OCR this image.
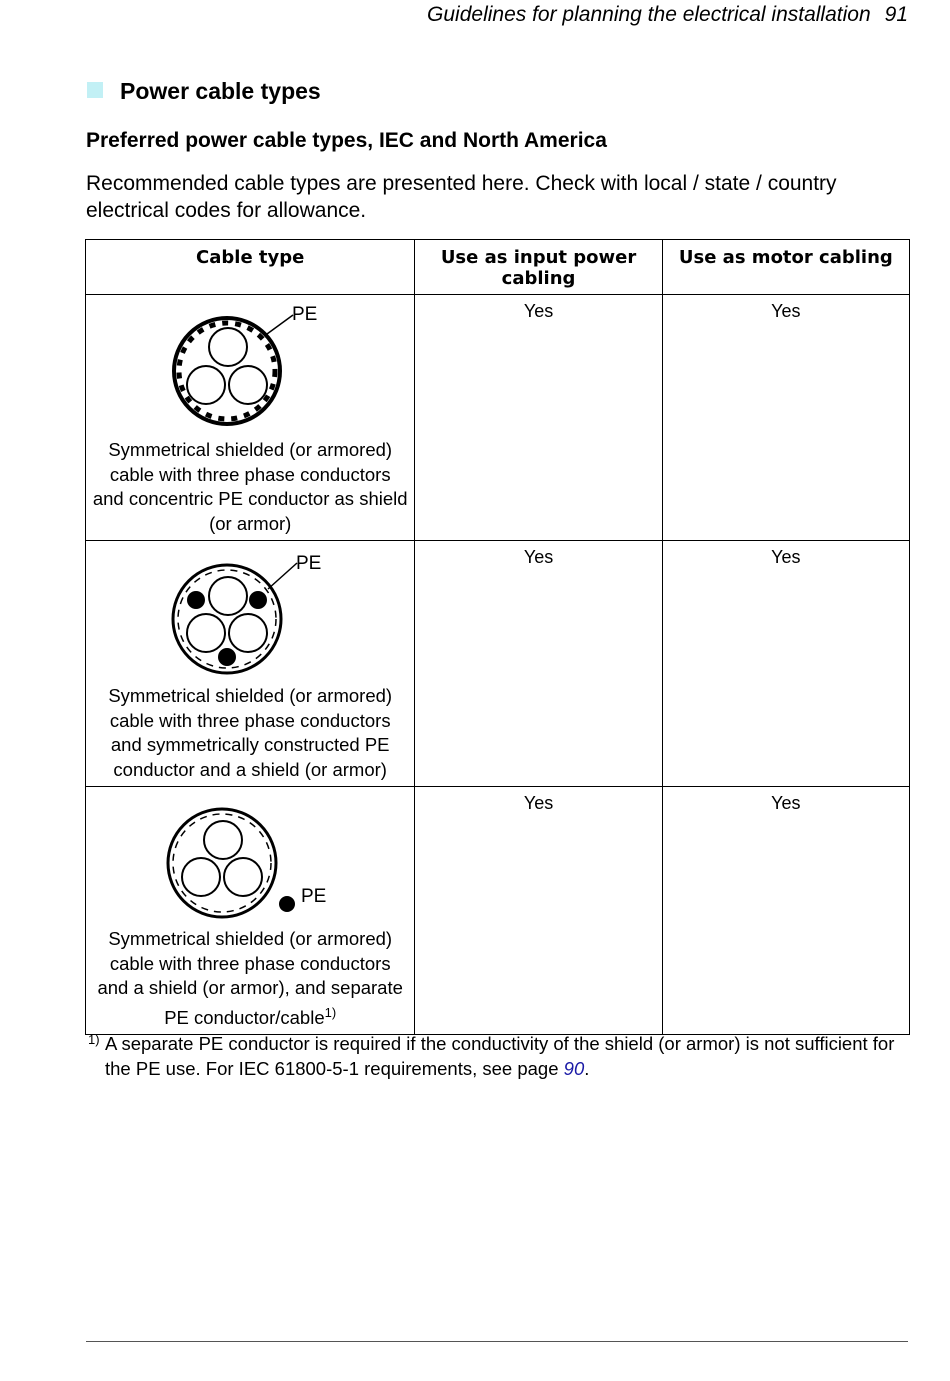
Guidelines for planning the electrical installation 91
Power cable types
Preferred power cable types, IEC and North America
Recommended cable types are presented here. Check with local / state / country electrical codes for allowance.
Cable type	Use as input power cabling	Use as motor cabling

PE
Symmetrical shielded (or armored) cable with three phase conductors and concentric PE conductor as shield (or armor)	Yes	Yes

PE
Symmetrical shielded (or armored) cable with three phase conductors and symmetrically constructed PE conductor and a shield (or armor)	Yes	Yes

PE
Symmetrical shielded (or armored) cable with three phase conductors and a shield (or armor), and separate PE conductor/cable$^{1)}$	Yes	Yes
1) A separate PE conductor is required if the conductivity of the shield (or armor) is not sufficient for the PE use. For IEC 61800-5-1 requirements, see page 90.
